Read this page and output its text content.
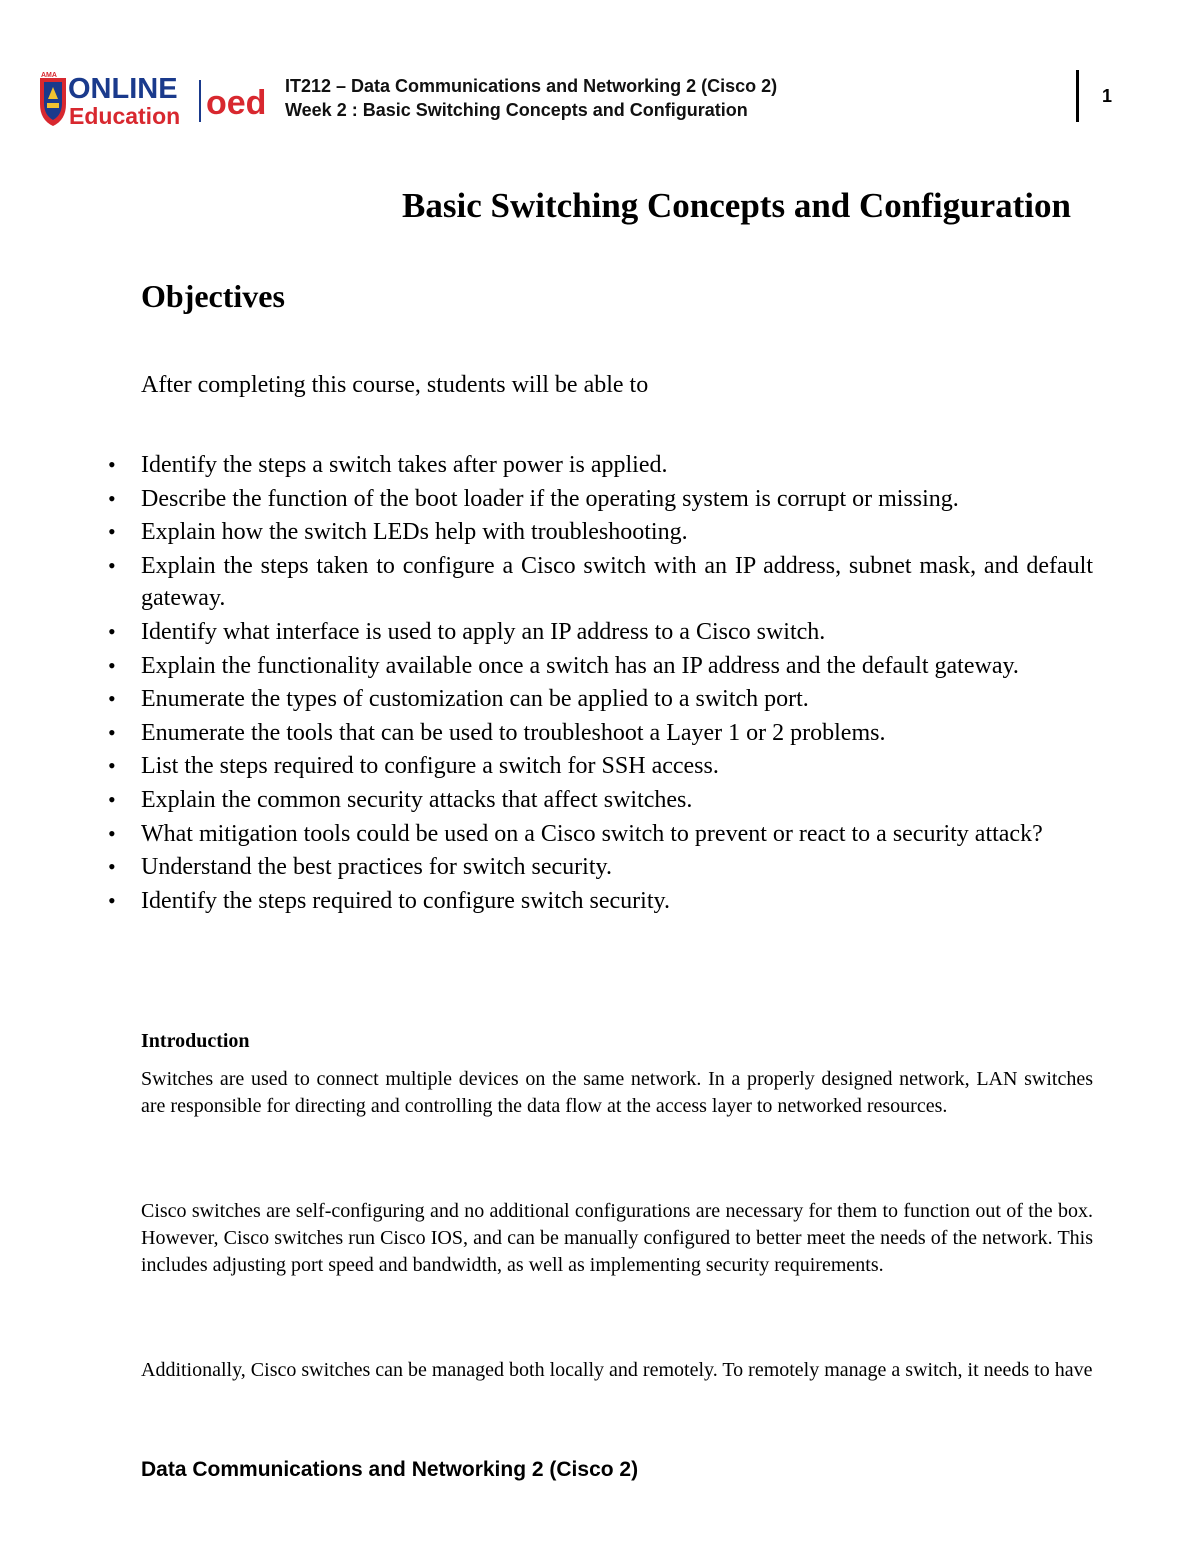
AMA ONLINE
Education oed IT212 – Data Communications and Networking 2 (Cisco 2)
Week 2 : Basic Switching Concepts and Configuration
1
Basic Switching Concepts and Configuration
Objectives

After completing this course, students will be able to

• Identify the steps a switch takes after power is applied.
• Describe the function of the boot loader if the operating system is corrupt or missing.
• Explain how the switch LEDs help with troubleshooting.
• Explain the steps taken to configure a Cisco switch with an IP address, subnet mask, and default gateway.
• Identify what interface is used to apply an IP address to a Cisco switch.
• Explain the functionality available once a switch has an IP address and the default gateway.
• Enumerate the types of customization can be applied to a switch port.
• Enumerate the tools that can be used to troubleshoot a Layer 1 or 2 problems.
• List the steps required to configure a switch for SSH access.
• Explain the common security attacks that affect switches.
• What mitigation tools could be used on a Cisco switch to prevent or react to a security attack?
• Understand the best practices for switch security.
• Identify the steps required to configure switch security.
Introduction

Switches are used to connect multiple devices on the same network. In a properly designed network, LAN switches are responsible for directing and controlling the data flow at the access layer to networked resources.

Cisco switches are self-configuring and no additional configurations are necessary for them to function out of the box. However, Cisco switches run Cisco IOS, and can be manually configured to better meet the needs of the network. This includes adjusting port speed and bandwidth, as well as implementing security requirements.

Additionally, Cisco switches can be managed both locally and remotely. To remotely manage a switch, it needs to have

Data Communications and Networking 2 (Cisco 2)
